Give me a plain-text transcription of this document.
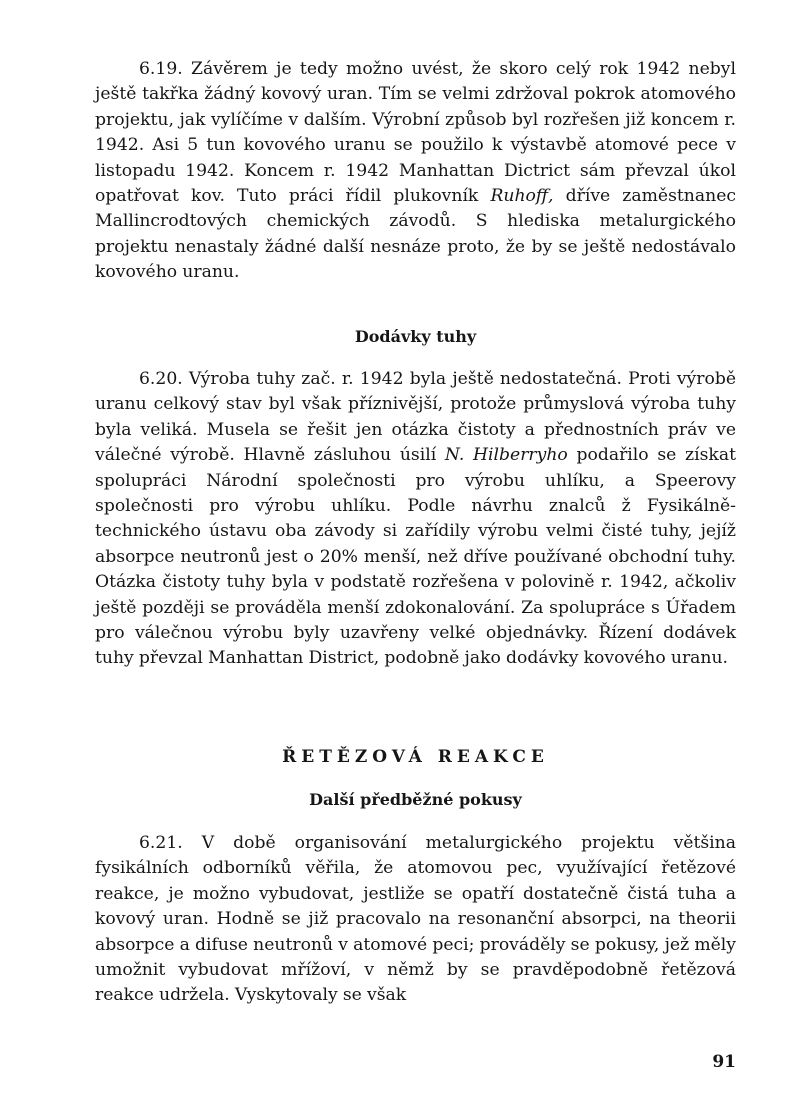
6.19. Závěrem je tedy možno uvést, že skoro celý rok 1942 nebyl ještě takřka žádný kovový uran. Tím se velmi zdržoval pokrok atomového projektu, jak vylíčíme v dalším. Výrobní způsob byl rozřešen již koncem r. 1942. Asi 5 tun kovového uranu se použilo k výstavbě atomové pece v listopadu 1942. Koncem r. 1942 Manhattan Dictrict sám převzal úkol opatřovat kov. Tuto práci řídil plukovník Ruhoff, dříve zaměstnanec Mallincrodtových chemických závodů. S hlediska metalurgického projektu nenastaly žádné další nesnáze proto, že by se ještě nedostávalo kovového uranu.

Dodávky tuhy

6.20. Výroba tuhy zač. r. 1942 byla ještě nedostatečná. Proti výrobě uranu celkový stav byl však příznivější, protože průmyslová výroba tuhy byla veliká. Musela se řešit jen otázka čistoty a přednostních práv ve válečné výrobě. Hlavně zásluhou úsilí N. Hilberryho podařilo se získat spolupráci Národní společnosti pro výrobu uhlíku, a Speerovy společnosti pro výrobu uhlíku. Podle návrhu znalců ž Fysikálně-technického ústavu oba závody si zařídily výrobu velmi čisté tuhy, jejíž absorpce neutronů jest o 20% menší, než dříve používané obchodní tuhy. Otázka čistoty tuhy byla v podstatě rozřešena v polovině r. 1942, ačkoliv ještě později se prováděla menší zdokonalování. Za spolupráce s Úřadem pro válečnou výrobu byly uzavřeny velké objednávky. Řízení dodávek tuhy převzal Manhattan District, podobně jako dodávky kovového uranu.

ŘETĚZOVÁ REAKCE
Další předběžné pokusy

6.21. V době organisování metalurgického projektu většina fysikálních odborníků věřila, že atomovou pec, využívající řetězové reakce, je možno vybudovat, jestliže se opatří dostatečně čistá tuha a kovový uran. Hodně se již pracovalo na resonanční absorpci, na theorii absorpce a difuse neutronů v atomové peci; prováděly se pokusy, jež měly umožnit vybudovat mřížoví, v němž by se pravděpodobně řetězová reakce udržela. Vyskytovaly se však

91
